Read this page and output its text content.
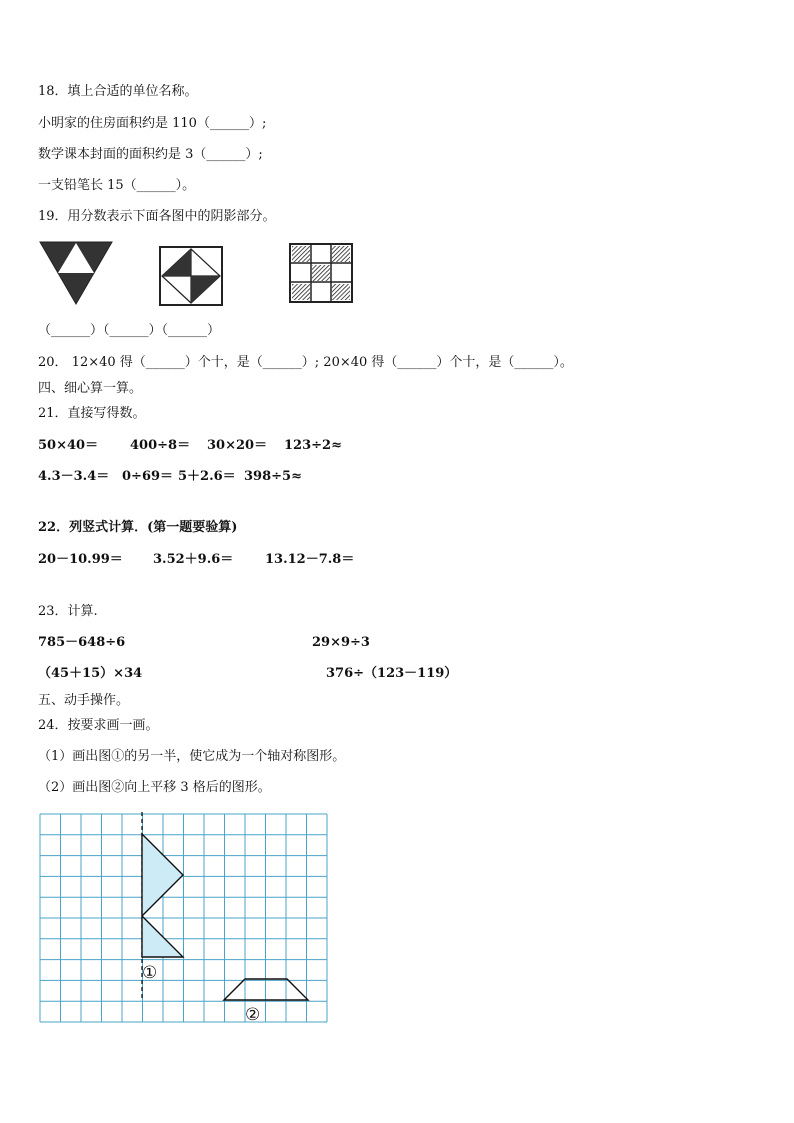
18．填上合适的单位名称。
小明家的住房面积约是 110（______）;
数学课本封面的面积约是 3（______）;
一支铅笔长 15（______）。
19．用分数表示下面各图中的阴影部分。
（______）（______）（______）
20． 12×40 得（______）个十，是（______）; 20×40 得（______）个十，是（______）。
四、细心算一算。
21．直接写得数。
50×40＝ 400÷8＝ 30×20＝ 123÷2≈
4.3－3.4＝ 0÷69＝ 5＋2.6＝ 398÷5≈
22．列竖式计算．(第一题要验算)
20－10.99＝ 3.52＋9.6＝ 13.12－7.8＝
23．计算.
785－648÷6	29×9÷3
（45＋15）×34	376÷（123－119）
五、动手操作。
24．按要求画一画。
（1）画出图①的另一半，使它成为一个轴对称图形。
（2）画出图②向上平移 3 格后的图形。
①
②
